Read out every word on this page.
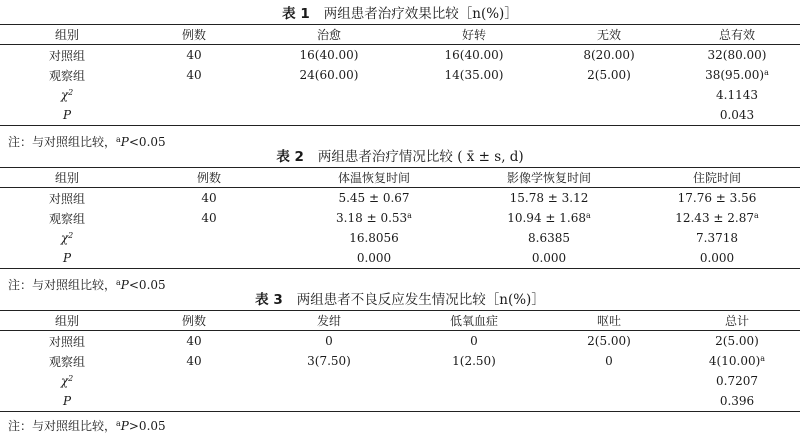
表 1 两组患者治疗效果比较［n(%)］
组别	例数	治愈	好转	无效	总有效
对照组	40	16(40.00)	16(40.00)	8(20.00)	32(80.00)
观察组	40	24(60.00)	14(35.00)	2(5.00)	$38(95.00)^a$
$\chi^2$					4.1143
P					0.043
注：与对照组比较，$^a$P<0.05
表 2 两组患者治疗情况比较 ( x̄ ± s, d)
组别	例数	体温恢复时间	影像学恢复时间	住院时间
对照组	40	5.45 ± 0.67	15.78 ± 3.12	17.76 ± 3.56
观察组	40	3.18 ± 0.53$^a$	10.94 ± 1.68$^a$	12.43 ± 2.87$^a$
$\chi^2$		16.8056	8.6385	7.3718
P		0.000	0.000	0.000
注：与对照组比较，$^a$P<0.05
表 3 两组患者不良反应发生情况比较［n(%)］
组别	例数	发绀	低氧血症	呕吐	总计
对照组	40	0	0	2(5.00)	2(5.00)
观察组	40	3(7.50)	1(2.50)	0	$4(10.00)^a$
$\chi^2$					0.7207
P					0.396
注：与对照组比较，$^a$P>0.05
